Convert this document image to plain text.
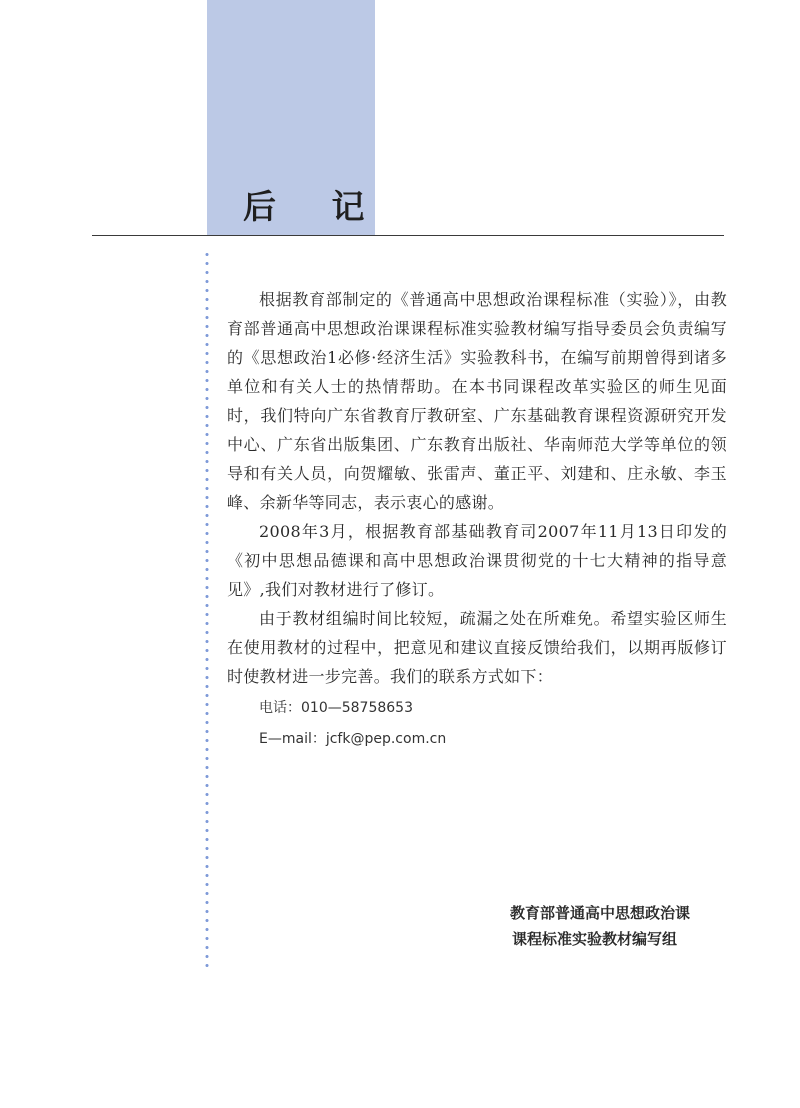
后 记

根据教育部制定的《普通高中思想政治课程标准（实验）》，由教育部普通高中思想政治课课程标准实验教材编写指导委员会负责编写的《思想政治1必修·经济生活》实验教科书，在编写前期曾得到诸多单位和有关人士的热情帮助。在本书同课程改革实验区的师生见面时，我们特向广东省教育厅教研室、广东基础教育课程资源研究开发中心、广东省出版集团、广东教育出版社、华南师范大学等单位的领导和有关人员，向贺耀敏、张雷声、董正平、刘建和、庄永敏、李玉峰、余新华等同志，表示衷心的感谢。

2008年3月，根据教育部基础教育司2007年11月13日印发的《初中思想品德课和高中思想政治课贯彻党的十七大精神的指导意见》,我们对教材进行了修订。

由于教材组编时间比较短，疏漏之处在所难免。希望实验区师生在使用教材的过程中，把意见和建议直接反馈给我们，以期再版修订时使教材进一步完善。我们的联系方式如下：

电话：010—58758653

E—mail：jcfk@pep.com.cn

教育部普通高中思想政治课
课程标准实验教材编写组
